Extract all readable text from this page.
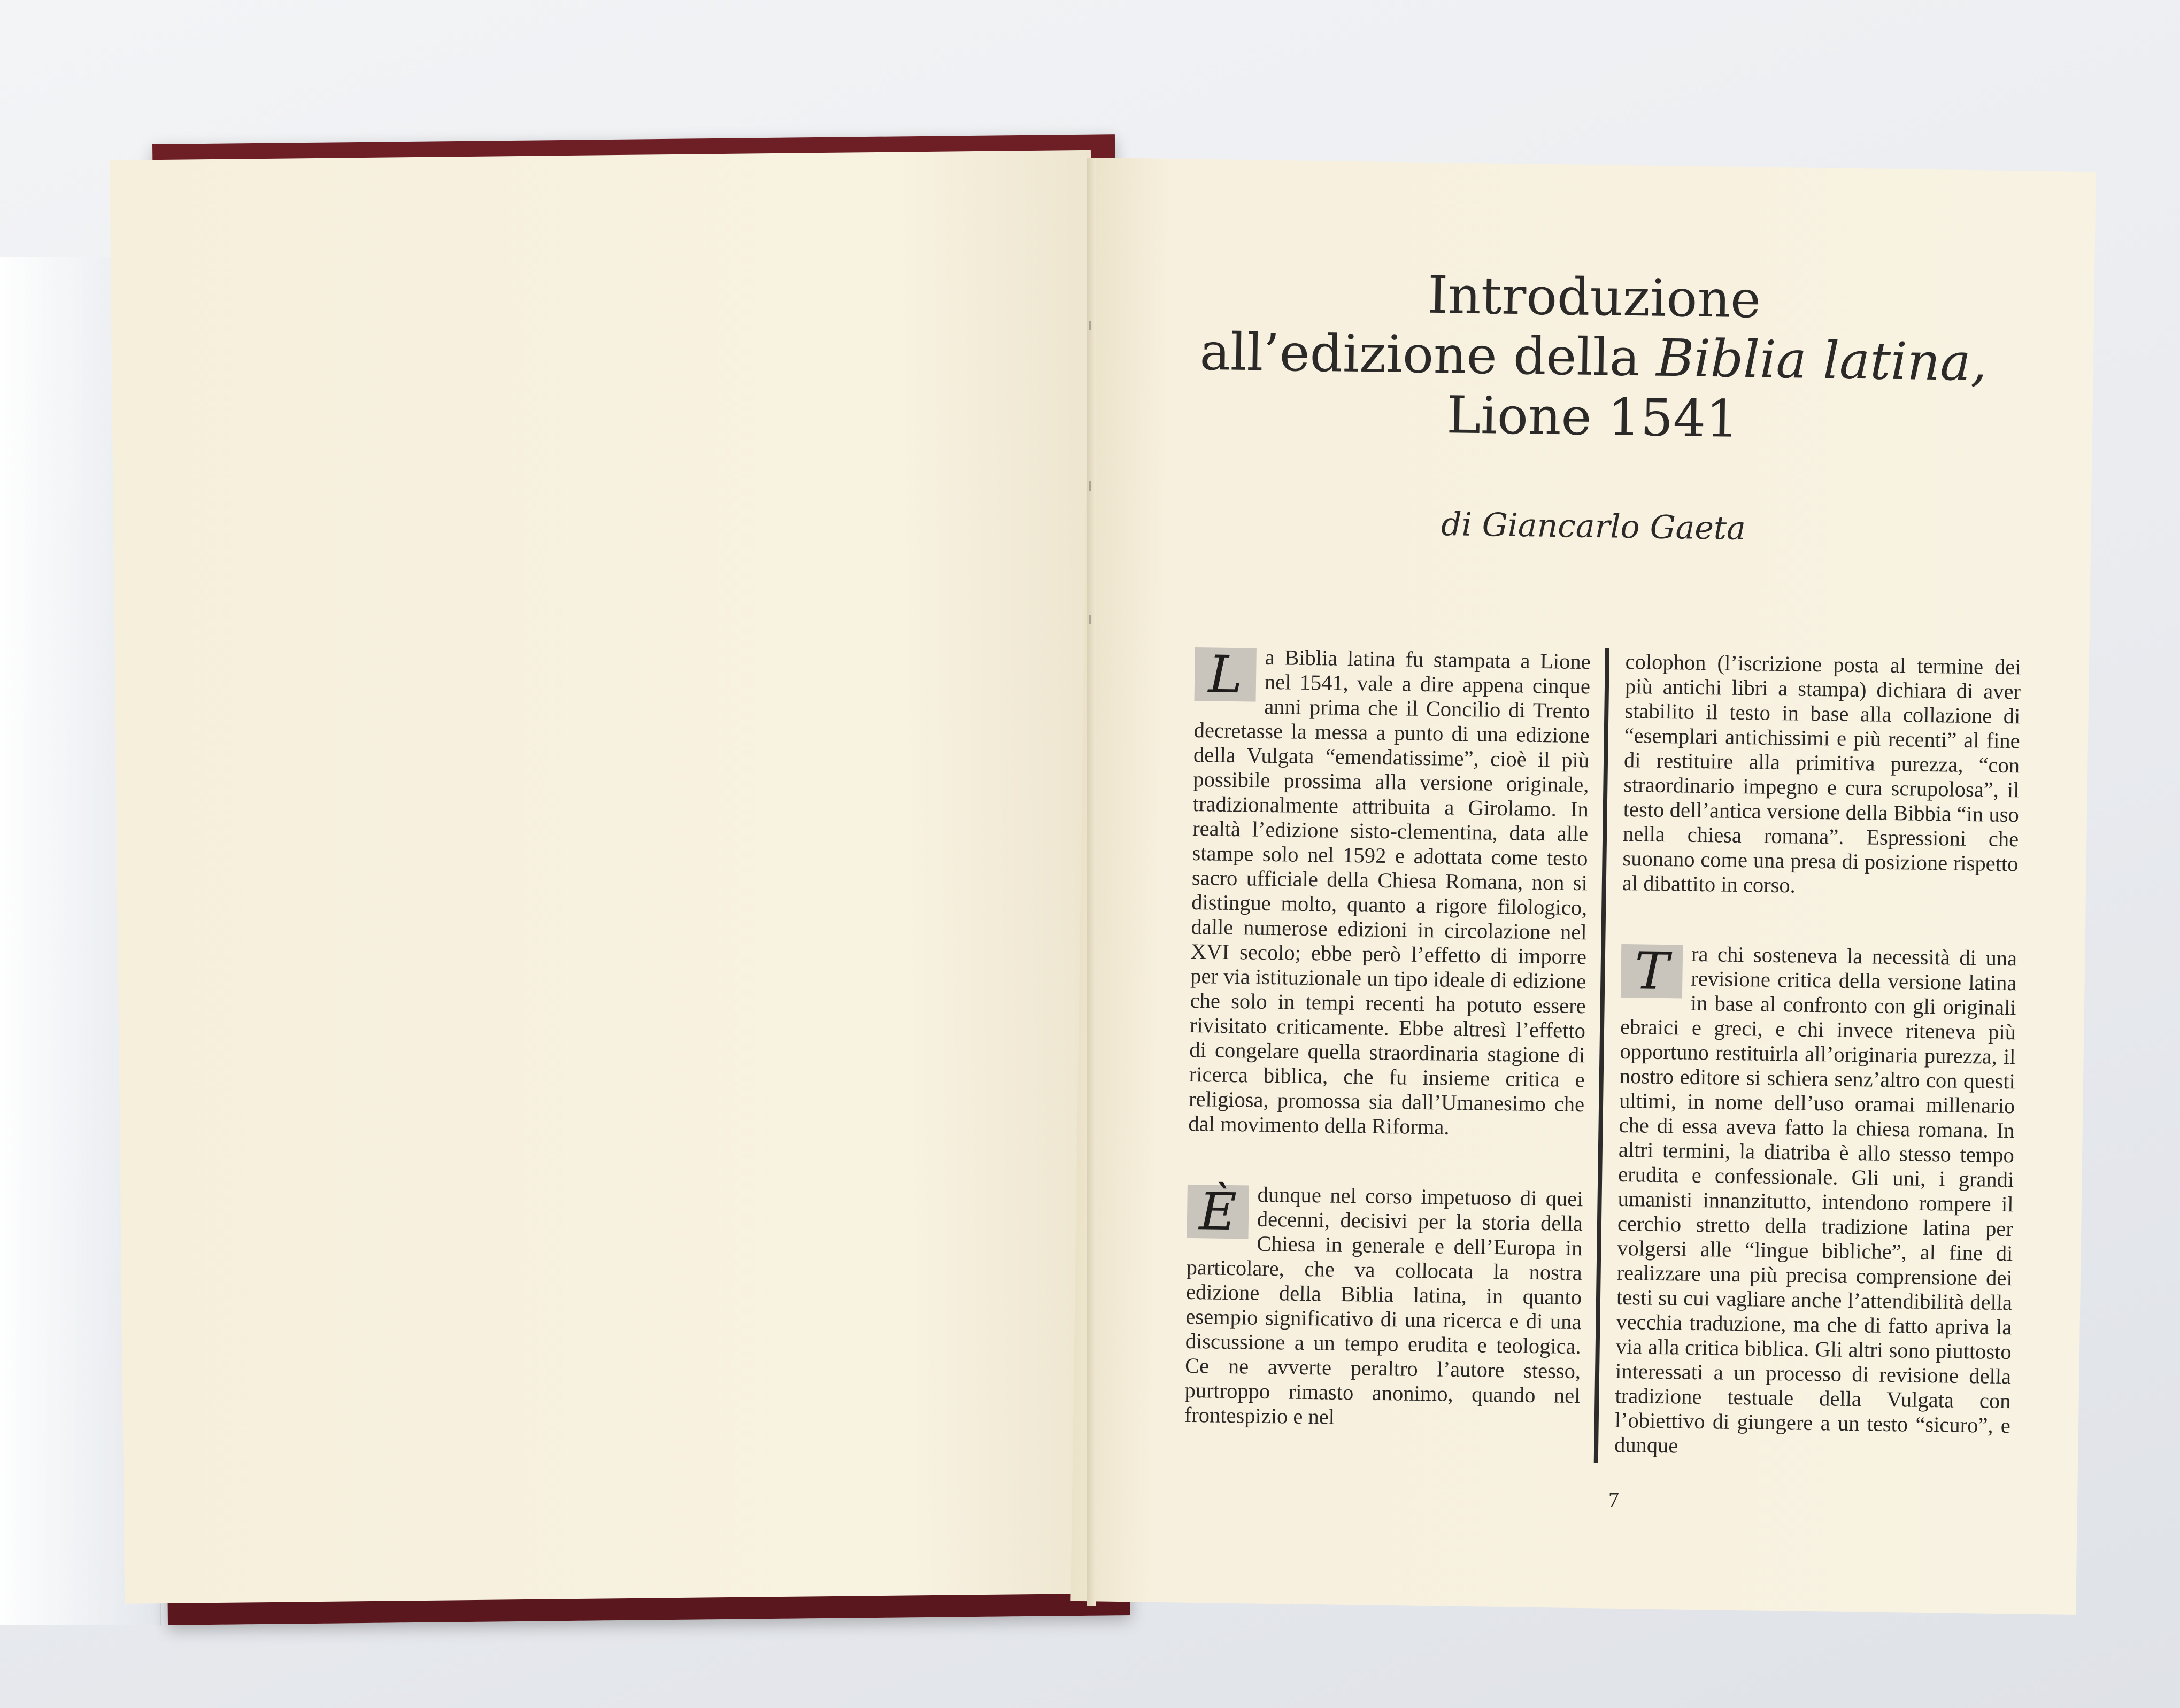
Introduzione
all’edizione della Biblia latina,
Lione 1541
di Giancarlo Gaeta

L	a Biblia latina fu stampata a Lione nel 1541, vale a dire appena cinque anni prima che il Concilio di Trento decretasse la messa a punto di una edizione della Vulgata “emendatissime”, cioè il più possibile prossima alla versione originale, tradizionalmente attribuita a Girolamo. In realtà l’edizione sisto-clementina, data alle stampe solo nel 1592 e adottata come testo sacro ufficiale della Chiesa Romana, non si distingue molto, quanto a rigore filologico, dalle numerose edizioni in circolazione nel XVI secolo; ebbe però l’effetto di imporre per via istituzionale un tipo ideale di edizione che solo in tempi recenti ha potuto essere rivisitato criticamente. Ebbe altresì l’effetto di congelare quella straordinaria stagione di ricerca biblica, che fu insieme critica e religiosa, promossa sia dall’Umanesimo che dal movimento della Riforma.

È dunque nel corso impetuoso di quei decenni, decisivi per la storia della Chiesa in generale e dell’Europa in particolare, che va collocata la nostra edizione della Biblia latina, in quanto esempio significativo di una ricerca e di una discussione a un tempo erudita e teologica. Ce ne avverte peraltro l’autore stesso, purtroppo rimasto anonimo, quando nel frontespizio e nel

colophon (l’iscrizione posta al termine dei più antichi libri a stampa) dichiara di aver stabilito il testo in base alla collazione di “esemplari antichissimi e più recenti” al fine di restituire alla primitiva purezza, “con straordinario impegno e cura scrupolosa”, il testo dell’antica versione della Bibbia “in uso nella chiesa romana”. Espressioni che suonano come una presa di posizione rispetto al dibattito in corso.

T	ra chi sosteneva la necessità di una revisione critica della versione latina in base al confronto con gli originali ebraici e greci, e chi invece riteneva più opportuno restituirla all’originaria purezza, il nostro editore si schiera senz’altro con questi ultimi, in nome dell’uso oramai millenario che di essa aveva fatto la chiesa romana. In altri termini, la diatriba è allo stesso tempo erudita e confessionale. Gli uni, i grandi umanisti innanzitutto, intendono rompere il cerchio stretto della tradizione latina per volgersi alle “lingue bibliche”, al fine di realizzare una più precisa comprensione dei testi su cui vagliare anche l’attendibilità della vecchia traduzione, ma che di fatto apriva la via alla critica biblica. Gli altri sono piuttosto interessati a un processo di revisione della tradizione testuale della Vulgata con l’obiettivo di giungere a un testo “sicuro”, e dunque

7
